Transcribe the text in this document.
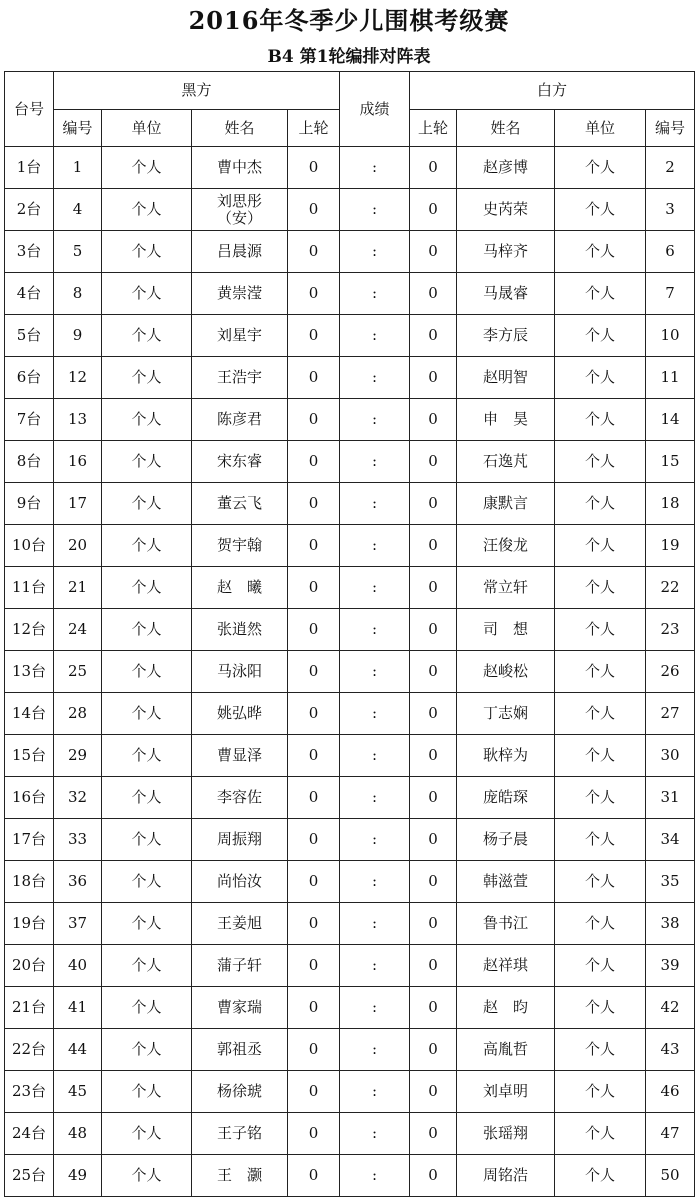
2016年冬季少儿围棋考级赛
B4 第1轮编排对阵表
台号	黑方				成绩	白方			
	编号	单位	姓名	上轮		上轮	姓名	单位	编号
1台	1	个人	曹中杰	0	:	0	赵彦博	个人	2
2台	4	个人	刘思彤
（安）	0	:	0	史芮荣	个人	3
3台	5	个人	吕晨源	0	:	0	马梓齐	个人	6
4台	8	个人	黄崇滢	0	:	0	马晟睿	个人	7
5台	9	个人	刘星宇	0	:	0	李方辰	个人	10
6台	12	个人	王浩宇	0	:	0	赵明智	个人	11
7台	13	个人	陈彦君	0	:	0	申　昊	个人	14
8台	16	个人	宋东睿	0	:	0	石逸芃	个人	15
9台	17	个人	董云飞	0	:	0	康默言	个人	18
10台	20	个人	贺宇翰	0	:	0	汪俊龙	个人	19
11台	21	个人	赵　曦	0	:	0	常立轩	个人	22
12台	24	个人	张逍然	0	:	0	司　想	个人	23
13台	25	个人	马泳阳	0	:	0	赵峻松	个人	26
14台	28	个人	姚弘晔	0	:	0	丁志娴	个人	27
15台	29	个人	曹显泽	0	:	0	耿梓为	个人	30
16台	32	个人	李容佐	0	:	0	庞皓琛	个人	31
17台	33	个人	周振翔	0	:	0	杨子晨	个人	34
18台	36	个人	尚怡汝	0	:	0	韩滋萱	个人	35
19台	37	个人	王姜旭	0	:	0	鲁书江	个人	38
20台	40	个人	蒲子轩	0	:	0	赵祥琪	个人	39
21台	41	个人	曹家瑞	0	:	0	赵　昀	个人	42
22台	44	个人	郭祖丞	0	:	0	高胤哲	个人	43
23台	45	个人	杨徐琥	0	:	0	刘卓明	个人	46
24台	48	个人	王子铭	0	:	0	张瑶翔	个人	47
25台	49	个人	王　灏	0	:	0	周铭浩	个人	50
